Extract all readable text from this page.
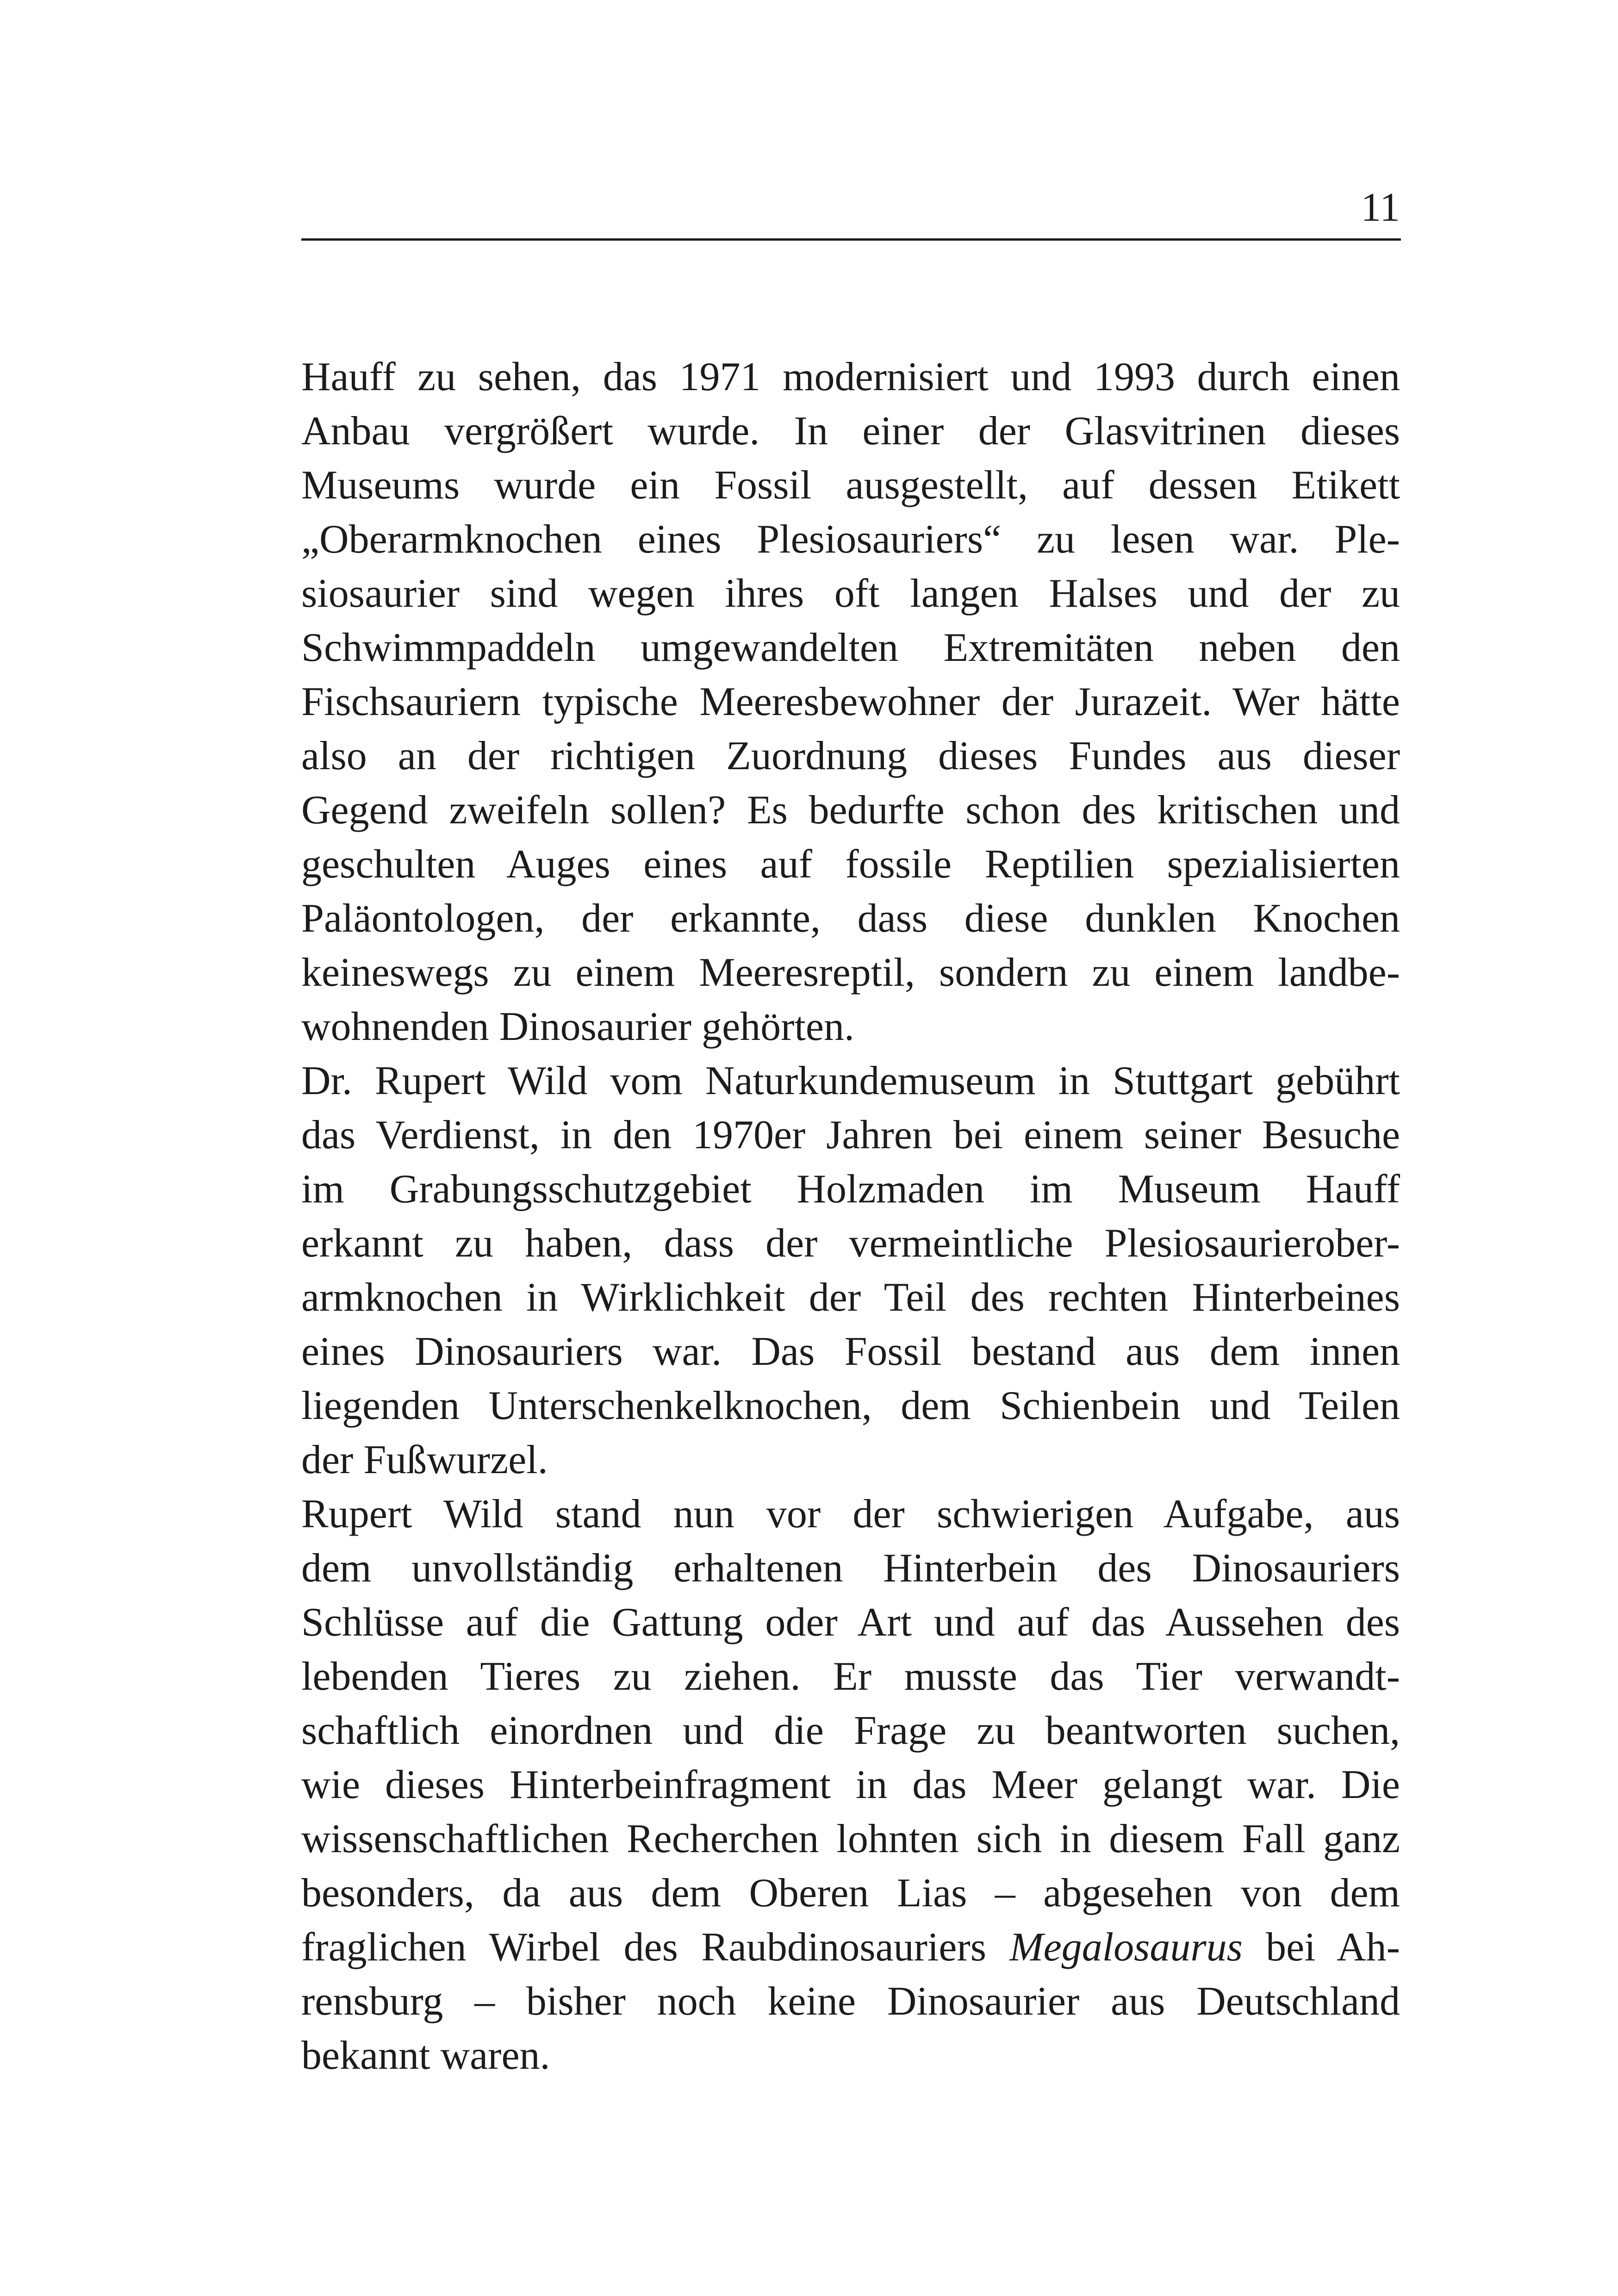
11
Hauff zu sehen, das 1971 modernisiert und 1993 durch einen
Anbau vergrößert wurde. In einer der Glasvitrinen dieses
Museums wurde ein Fossil ausgestellt, auf dessen Etikett
„Oberarmknochen eines Plesiosauriers“ zu lesen war. Ple-
siosaurier sind wegen ihres oft langen Halses und der zu
Schwimmpaddeln umgewandelten Extremitäten neben den
Fischsauriern typische Meeresbewohner der Jurazeit. Wer hätte
also an der richtigen Zuordnung dieses Fundes aus dieser
Gegend zweifeln sollen? Es bedurfte schon des kritischen und
geschulten Auges eines auf fossile Reptilien spezialisierten
Paläontologen, der erkannte, dass diese dunklen Knochen
keineswegs zu einem Meeresreptil, sondern zu einem landbe-
wohnenden Dinosaurier gehörten.
Dr. Rupert Wild vom Naturkundemuseum in Stuttgart gebührt
das Verdienst, in den 1970er Jahren bei einem seiner Besuche
im Grabungsschutzgebiet Holzmaden im Museum Hauff
erkannt zu haben, dass der vermeintliche Plesiosaurierober-
armknochen in Wirklichkeit der Teil des rechten Hinterbeines
eines Dinosauriers war. Das Fossil bestand aus dem innen
liegenden Unterschenkelknochen, dem Schienbein und Teilen
der Fußwurzel.
Rupert Wild stand nun vor der schwierigen Aufgabe, aus
dem unvollständig erhaltenen Hinterbein des Dinosauriers
Schlüsse auf die Gattung oder Art und auf das Aussehen des
lebenden Tieres zu ziehen. Er musste das Tier verwandt-
schaftlich einordnen und die Frage zu beantworten suchen,
wie dieses Hinterbeinfragment in das Meer gelangt war. Die
wissenschaftlichen Recherchen lohnten sich in diesem Fall ganz
besonders, da aus dem Oberen Lias – abgesehen von dem
fraglichen Wirbel des Raubdinosauriers Megalosaurus bei Ah-
rensburg – bisher noch keine Dinosaurier aus Deutschland
bekannt waren.
